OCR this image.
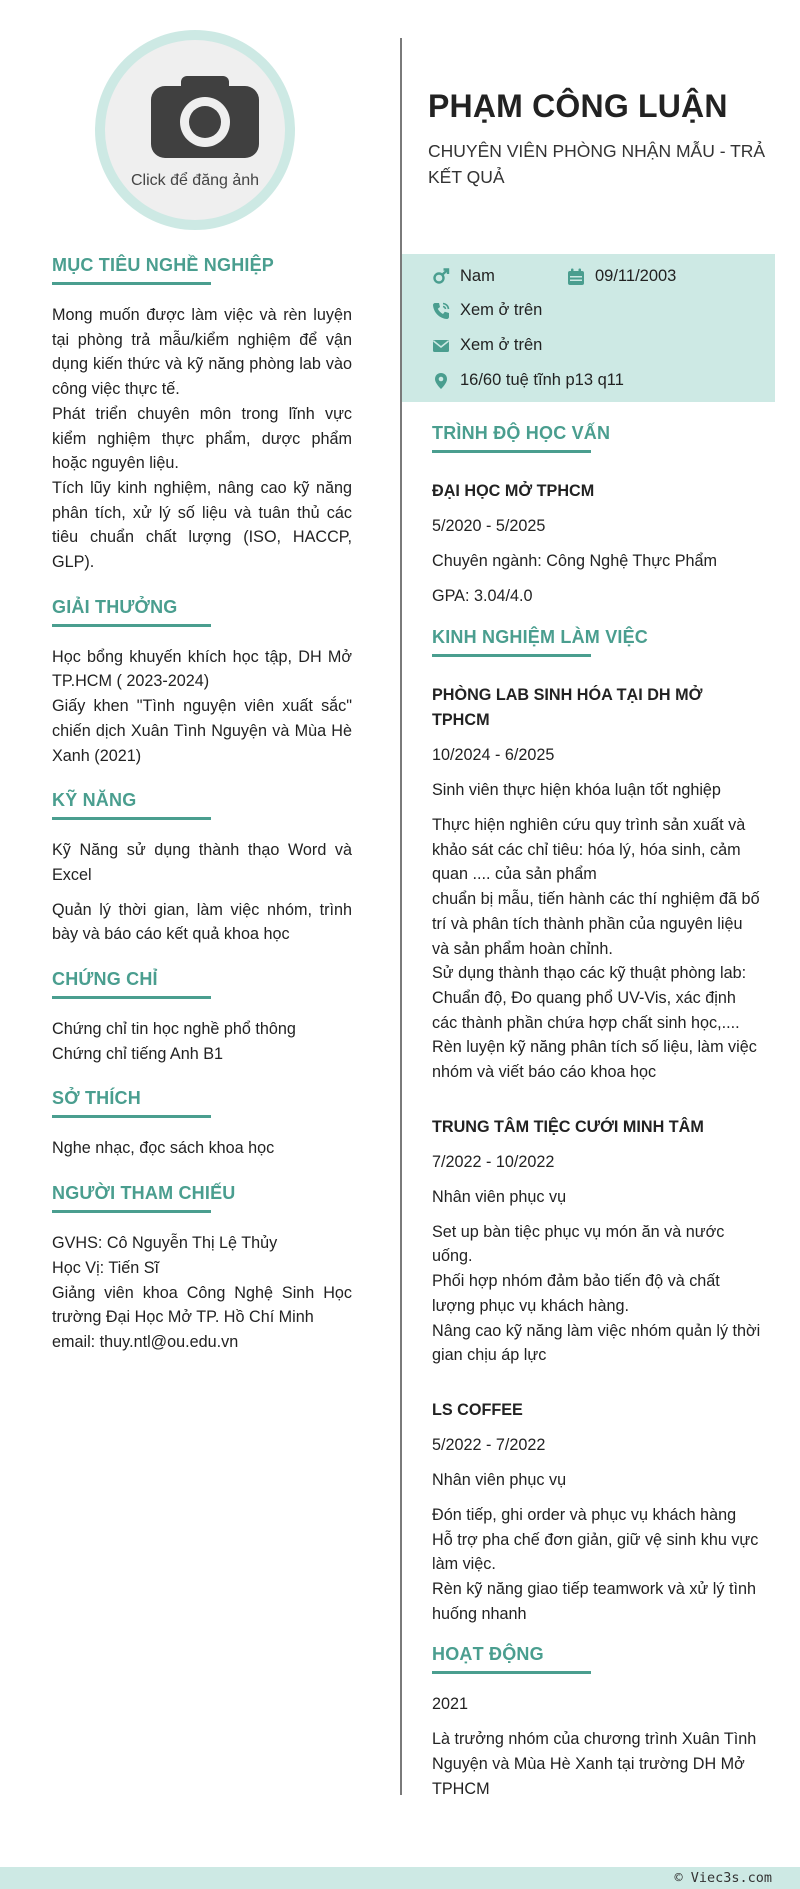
Click để đăng ảnh
PHẠM CÔNG LUẬN
CHUYÊN VIÊN PHÒNG NHẬN MẪU - TRẢ KẾT QUẢ
Nam	09/11/2003
Xem ở trên
Xem ở trên
16/60 tuệ tĩnh p13 q11
MỤC TIÊU NGHỀ NGHIỆP

Mong muốn được làm việc và rèn luyện tại phòng trả mẫu/kiểm nghiệm để vận dụng kiến thức và kỹ năng phòng lab vào công việc thực tế.
Phát triển chuyên môn trong lĩnh vực kiểm nghiệm thực phẩm, dược phẩm hoặc nguyên liệu.
Tích lũy kinh nghiệm, nâng cao kỹ năng phân tích, xử lý số liệu và tuân thủ các tiêu chuẩn chất lượng (ISO, HACCP, GLP).

GIẢI THƯỞNG

Học bổng khuyến khích học tập, DH Mở TP.HCM ( 2023-2024)
Giấy khen "Tình nguyện viên xuất sắc" chiến dịch Xuân Tình Nguyện và Mùa Hè Xanh (2021)

KỸ NĂNG

Kỹ Năng sử dụng thành thạo Word và Excel

Quản lý thời gian, làm việc nhóm, trình bày và báo cáo kết quả khoa học

CHỨNG CHỈ

Chứng chỉ tin học nghề phổ thông
Chứng chỉ tiếng Anh B1

SỞ THÍCH

Nghe nhạc, đọc sách khoa học

NGƯỜI THAM CHIẾU

GVHS: Cô Nguyễn Thị Lệ Thủy
Học Vị: Tiến Sĩ
Giảng viên khoa Công Nghệ Sinh Học trường Đại Học Mở TP. Hồ Chí Minh
email: thuy.ntl@ou.edu.vn

TRÌNH ĐỘ HỌC VẤN

ĐẠI HỌC MỞ TPHCM

5/2020 - 5/2025

Chuyên ngành: Công Nghệ Thực Phẩm

GPA: 3.04/4.0

KINH NGHIỆM LÀM VIỆC

PHÒNG LAB SINH HÓA TẠI DH MỞ TPHCM

10/2024 - 6/2025

Sinh viên thực hiện khóa luận tốt nghiệp

Thực hiện nghiên cứu quy trình sản xuất và khảo sát các chỉ tiêu: hóa lý, hóa sinh, cảm quan .... của sản phẩm
chuẩn bị mẫu, tiến hành các thí nghiệm đã bố trí và phân tích thành phần của nguyên liệu và sản phẩm hoàn chỉnh.
Sử dụng thành thạo các kỹ thuật phòng lab: Chuẩn độ, Đo quang phổ UV-Vis, xác định các thành phần chứa hợp chất sinh học,....
Rèn luyện kỹ năng phân tích số liệu, làm việc nhóm và viết báo cáo khoa học

TRUNG TÂM TIỆC CƯỚI MINH TÂM

7/2022 - 10/2022

Nhân viên phục vụ

Set up bàn tiệc phục vụ món ăn và nước uống.
Phối hợp nhóm đảm bảo tiến độ và chất lượng phục vụ khách hàng.
Nâng cao kỹ năng làm việc nhóm quản lý thời gian chịu áp lực

LS COFFEE

5/2022 - 7/2022

Nhân viên phục vụ

Đón tiếp, ghi order và phục vụ khách hàng
Hỗ trợ pha chế đơn giản, giữ vệ sinh khu vực làm việc.
Rèn kỹ năng giao tiếp teamwork và xử lý tình huống nhanh

HOẠT ĐỘNG

2021

Là trưởng nhóm của chương trình Xuân Tình Nguyện và Mùa Hè Xanh tại trường DH Mở TPHCM

© Viec3s.com
